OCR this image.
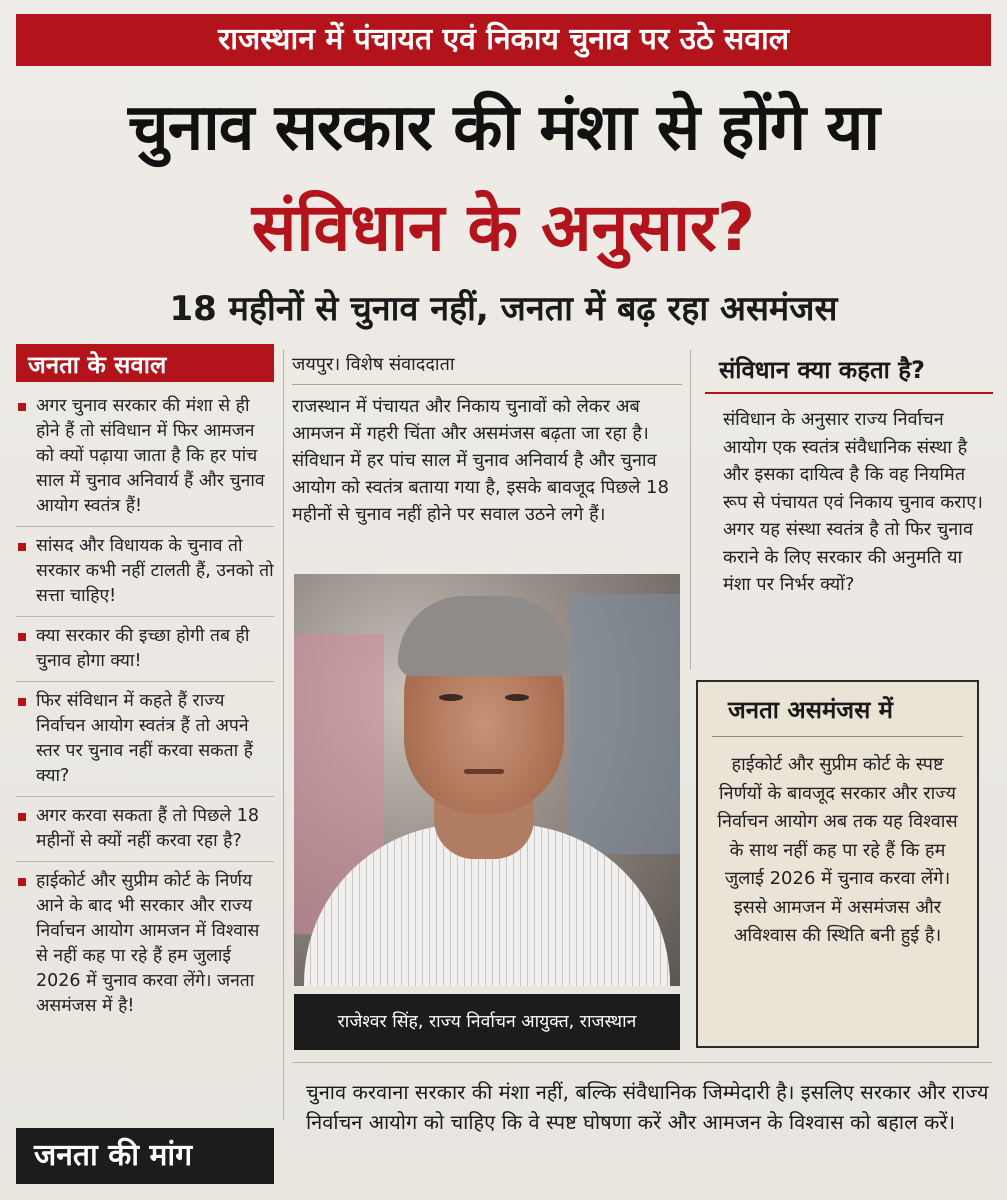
राजस्थान में पंचायत एवं निकाय चुनाव पर उठे सवाल
चुनाव सरकार की मंशा से होंगे या
संविधान के अनुसार?
18 महीनों से चुनाव नहीं, जनता में बढ़ रहा असमंजस
जनता के सवाल
अगर चुनाव सरकार की मंशा से ही होने हैं तो संविधान में फिर आमजन को क्यों पढ़ाया जाता है कि हर पांच साल में चुनाव अनिवार्य हैं और चुनाव आयोग स्वतंत्र हैं!
सांसद और विधायक के चुनाव तो सरकार कभी नहीं टालती हैं, उनको तो सत्ता चाहिए!
क्या सरकार की इच्छा होगी तब ही चुनाव होगा क्या!
फिर संविधान में कहते हैं राज्य निर्वाचन आयोग स्वतंत्र हैं तो अपने स्तर पर चुनाव नहीं करवा सकता हैं क्या?
अगर करवा सकता हैं तो पिछले 18 महीनों से क्यों नहीं करवा रहा है?
हाईकोर्ट और सुप्रीम कोर्ट के निर्णय आने के बाद भी सरकार और राज्य निर्वाचन आयोग आमजन में विश्वास से नहीं कह पा रहे हैं हम जुलाई 2026 में चुनाव करवा लेंगे। जनता असमंजस में है!
जनता की मांग
जयपुर। विशेष संवाददाता
राजस्थान में पंचायत और निकाय चुनावों को लेकर अब आमजन में गहरी चिंता और असमंजस बढ़ता जा रहा है। संविधान में हर पांच साल में चुनाव अनिवार्य है और चुनाव आयोग को स्वतंत्र बताया गया है, इसके बावजूद पिछले 18 महीनों से चुनाव नहीं होने पर सवाल उठने लगे हैं।
राजेश्वर सिंह, राज्य निर्वाचन आयुक्त, राजस्थान
संविधान क्या कहता है?
संविधान के अनुसार राज्य निर्वाचन आयोग एक स्वतंत्र संवैधानिक संस्था है और इसका दायित्व है कि वह नियमित रूप से पंचायत एवं निकाय चुनाव कराए। अगर यह संस्था स्वतंत्र है तो फिर चुनाव कराने के लिए सरकार की अनुमति या मंशा पर निर्भर क्यों?
जनता असमंजस में
हाईकोर्ट और सुप्रीम कोर्ट के स्पष्ट निर्णयों के बावजूद सरकार और राज्य निर्वाचन आयोग अब तक यह विश्वास के साथ नहीं कह पा रहे हैं कि हम जुलाई 2026 में चुनाव करवा लेंगे। इससे आमजन में असमंजस और अविश्वास की स्थिति बनी हुई है।
चुनाव करवाना सरकार की मंशा नहीं, बल्कि संवैधानिक जिम्मेदारी है। इसलिए सरकार और राज्य निर्वाचन आयोग को चाहिए कि वे स्पष्ट घोषणा करें और आमजन के विश्वास को बहाल करें।
